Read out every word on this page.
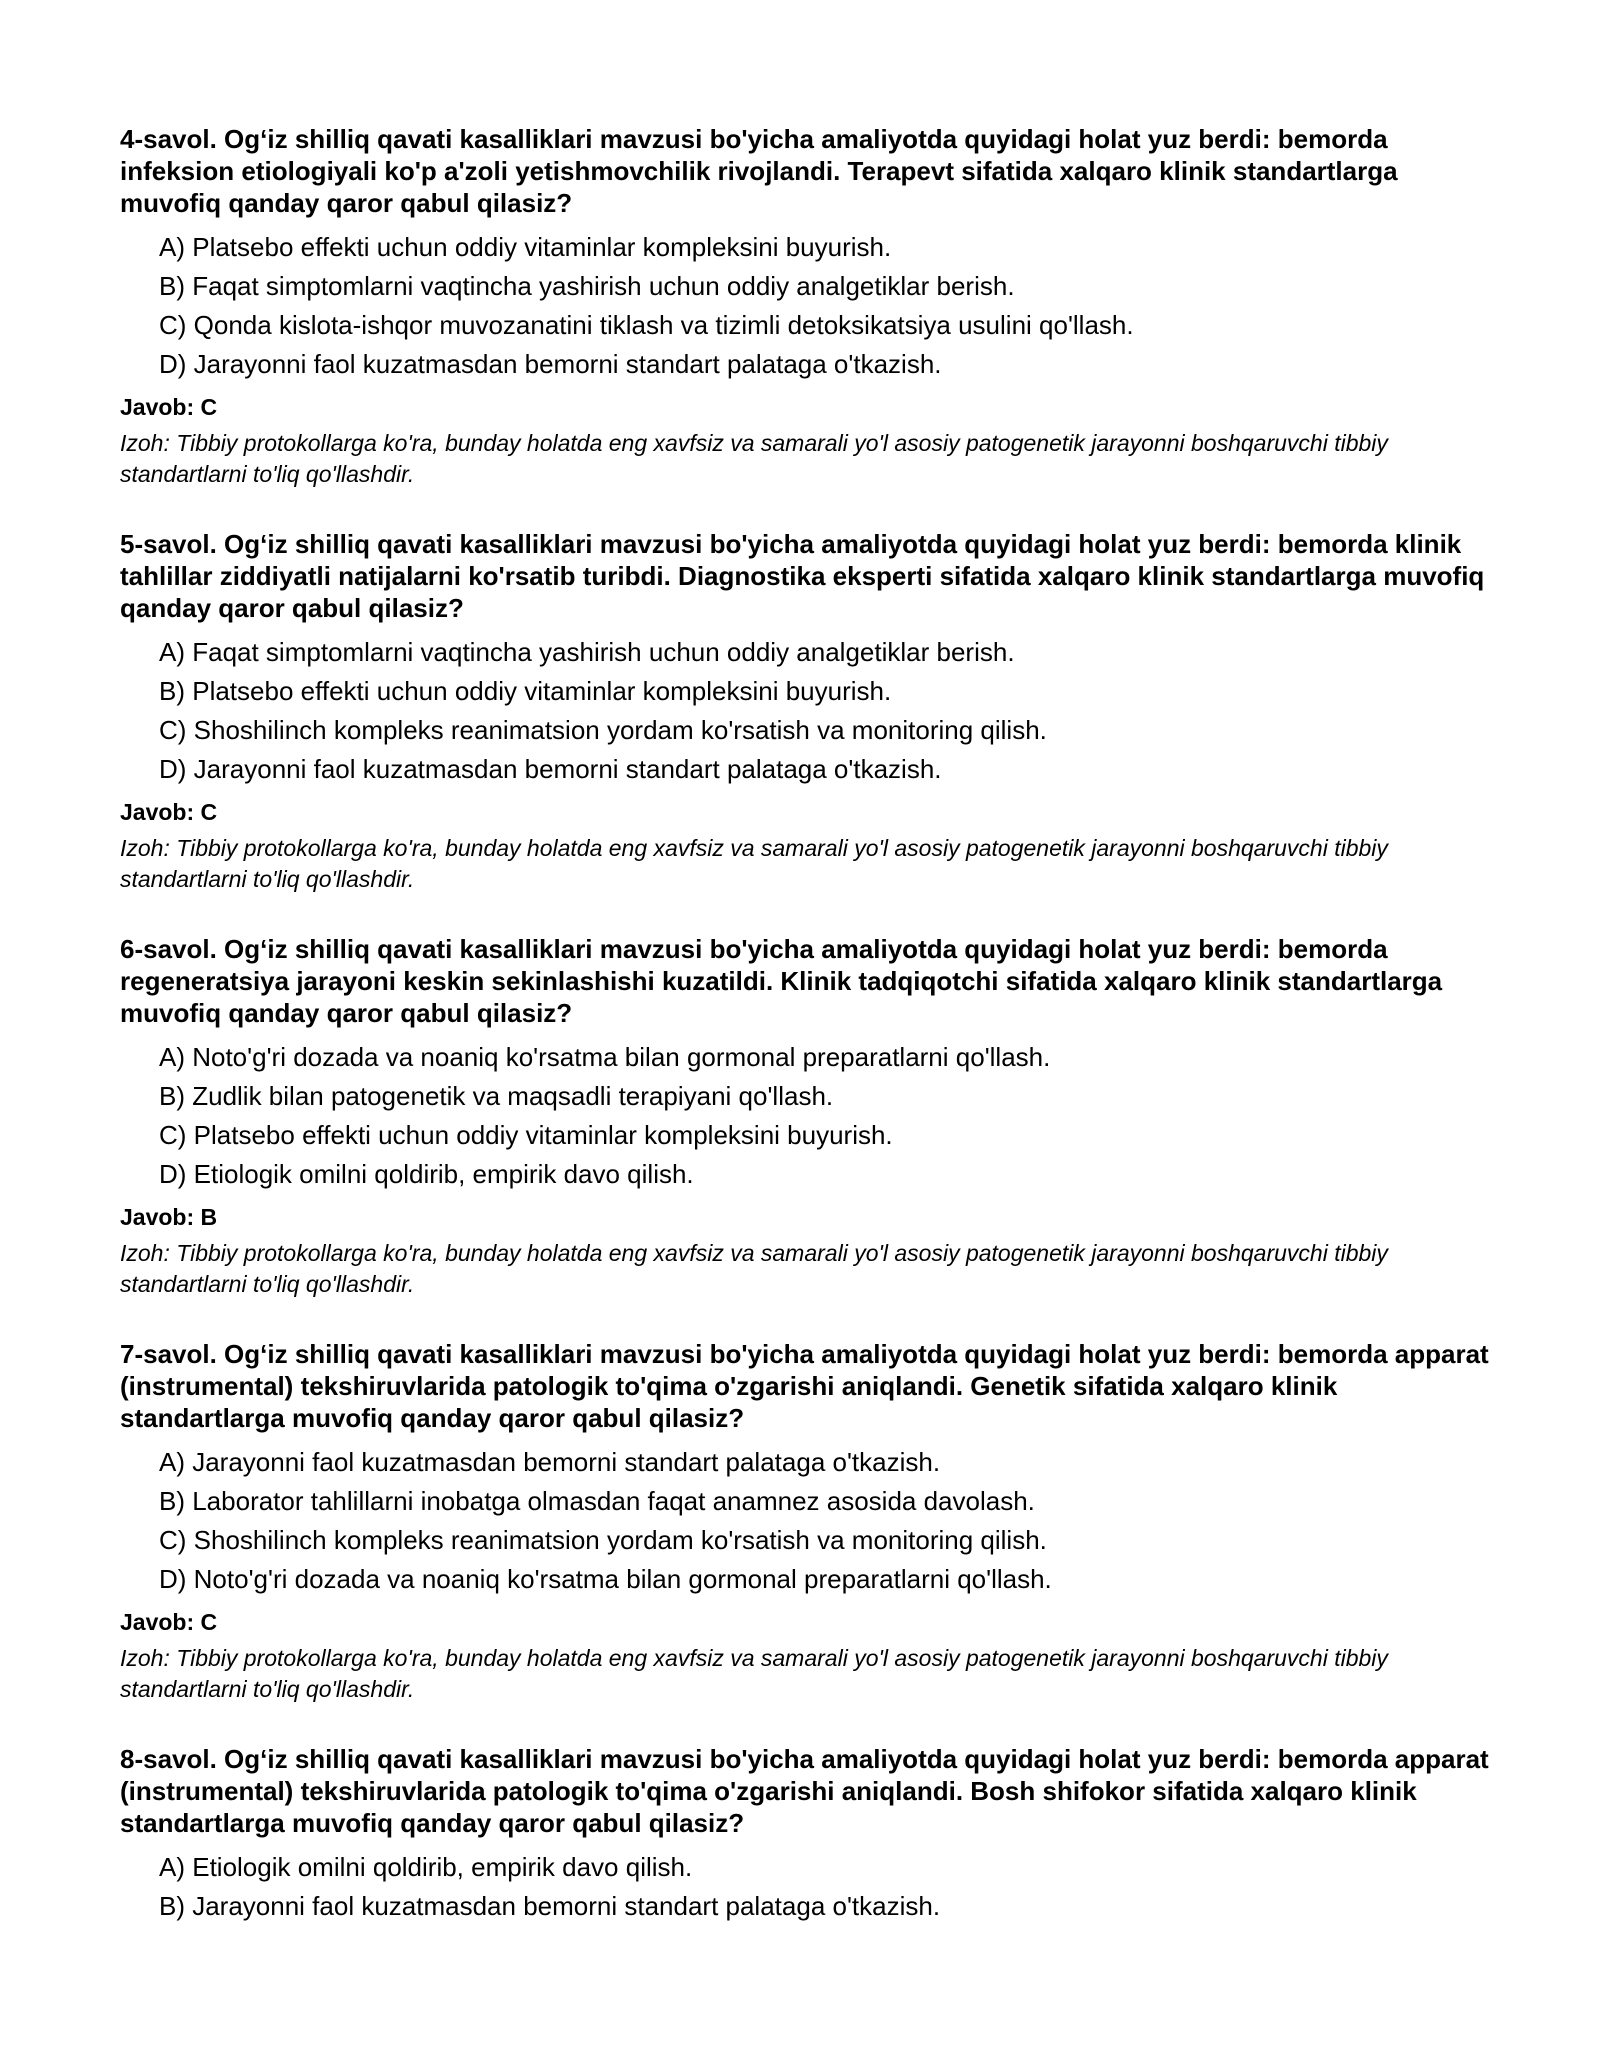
4-savol. Og‘iz shilliq qavati kasalliklari mavzusi bo'yicha amaliyotda quyidagi holat yuz berdi: bemorda infeksion etiologiyali ko'p a'zoli yetishmovchilik rivojlandi. Terapevt sifatida xalqaro klinik standartlarga muvofiq qanday qaror qabul qilasiz?

A) Platsebo effekti uchun oddiy vitaminlar kompleksini buyurish.
B) Faqat simptomlarni vaqtincha yashirish uchun oddiy analgetiklar berish.
C) Qonda kislota-ishqor muvozanatini tiklash va tizimli detoksikatsiya usulini qo'llash.
D) Jarayonni faol kuzatmasdan bemorni standart palataga o'tkazish.

Javob: C

Izoh: Tibbiy protokollarga ko'ra, bunday holatda eng xavfsiz va samarali yo'l asosiy patogenetik jarayonni boshqaruvchi tibbiy standartlarni to'liq qo'llashdir.

5-savol. Og‘iz shilliq qavati kasalliklari mavzusi bo'yicha amaliyotda quyidagi holat yuz berdi: bemorda klinik tahlillar ziddiyatli natijalarni ko'rsatib turibdi. Diagnostika eksperti sifatida xalqaro klinik standartlarga muvofiq qanday qaror qabul qilasiz?

A) Faqat simptomlarni vaqtincha yashirish uchun oddiy analgetiklar berish.
B) Platsebo effekti uchun oddiy vitaminlar kompleksini buyurish.
C) Shoshilinch kompleks reanimatsion yordam ko'rsatish va monitoring qilish.
D) Jarayonni faol kuzatmasdan bemorni standart palataga o'tkazish.

Javob: C

Izoh: Tibbiy protokollarga ko'ra, bunday holatda eng xavfsiz va samarali yo'l asosiy patogenetik jarayonni boshqaruvchi tibbiy standartlarni to'liq qo'llashdir.

6-savol. Og‘iz shilliq qavati kasalliklari mavzusi bo'yicha amaliyotda quyidagi holat yuz berdi: bemorda regeneratsiya jarayoni keskin sekinlashishi kuzatildi. Klinik tadqiqotchi sifatida xalqaro klinik standartlarga muvofiq qanday qaror qabul qilasiz?

A) Noto'g'ri dozada va noaniq ko'rsatma bilan gormonal preparatlarni qo'llash.
B) Zudlik bilan patogenetik va maqsadli terapiyani qo'llash.
C) Platsebo effekti uchun oddiy vitaminlar kompleksini buyurish.
D) Etiologik omilni qoldirib, empirik davo qilish.

Javob: B

Izoh: Tibbiy protokollarga ko'ra, bunday holatda eng xavfsiz va samarali yo'l asosiy patogenetik jarayonni boshqaruvchi tibbiy standartlarni to'liq qo'llashdir.

7-savol. Og‘iz shilliq qavati kasalliklari mavzusi bo'yicha amaliyotda quyidagi holat yuz berdi: bemorda apparat (instrumental) tekshiruvlarida patologik to'qima o'zgarishi aniqlandi. Genetik sifatida xalqaro klinik standartlarga muvofiq qanday qaror qabul qilasiz?

A) Jarayonni faol kuzatmasdan bemorni standart palataga o'tkazish.
B) Laborator tahlillarni inobatga olmasdan faqat anamnez asosida davolash.
C) Shoshilinch kompleks reanimatsion yordam ko'rsatish va monitoring qilish.
D) Noto'g'ri dozada va noaniq ko'rsatma bilan gormonal preparatlarni qo'llash.

Javob: C

Izoh: Tibbiy protokollarga ko'ra, bunday holatda eng xavfsiz va samarali yo'l asosiy patogenetik jarayonni boshqaruvchi tibbiy standartlarni to'liq qo'llashdir.

8-savol. Og‘iz shilliq qavati kasalliklari mavzusi bo'yicha amaliyotda quyidagi holat yuz berdi: bemorda apparat (instrumental) tekshiruvlarida patologik to'qima o'zgarishi aniqlandi. Bosh shifokor sifatida xalqaro klinik standartlarga muvofiq qanday qaror qabul qilasiz?

A) Etiologik omilni qoldirib, empirik davo qilish.
B) Jarayonni faol kuzatmasdan bemorni standart palataga o'tkazish.
